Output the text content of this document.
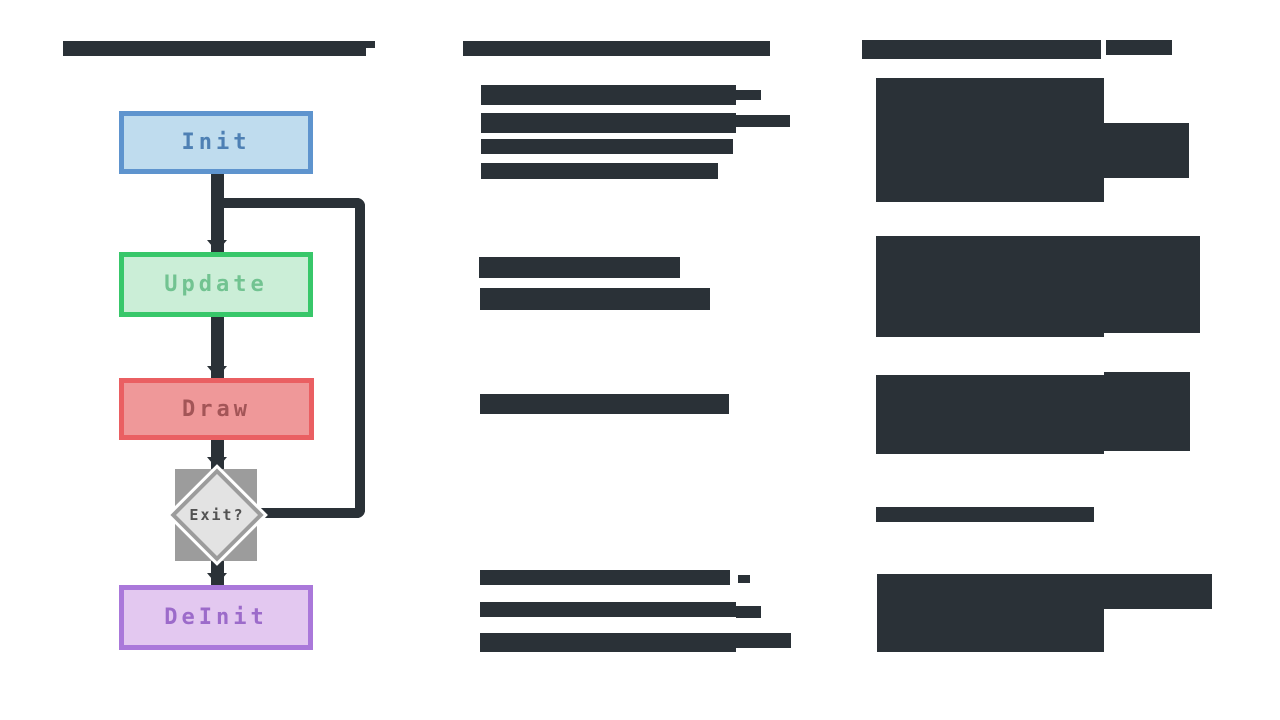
Init
Update
Draw
Exit?
DeInit
